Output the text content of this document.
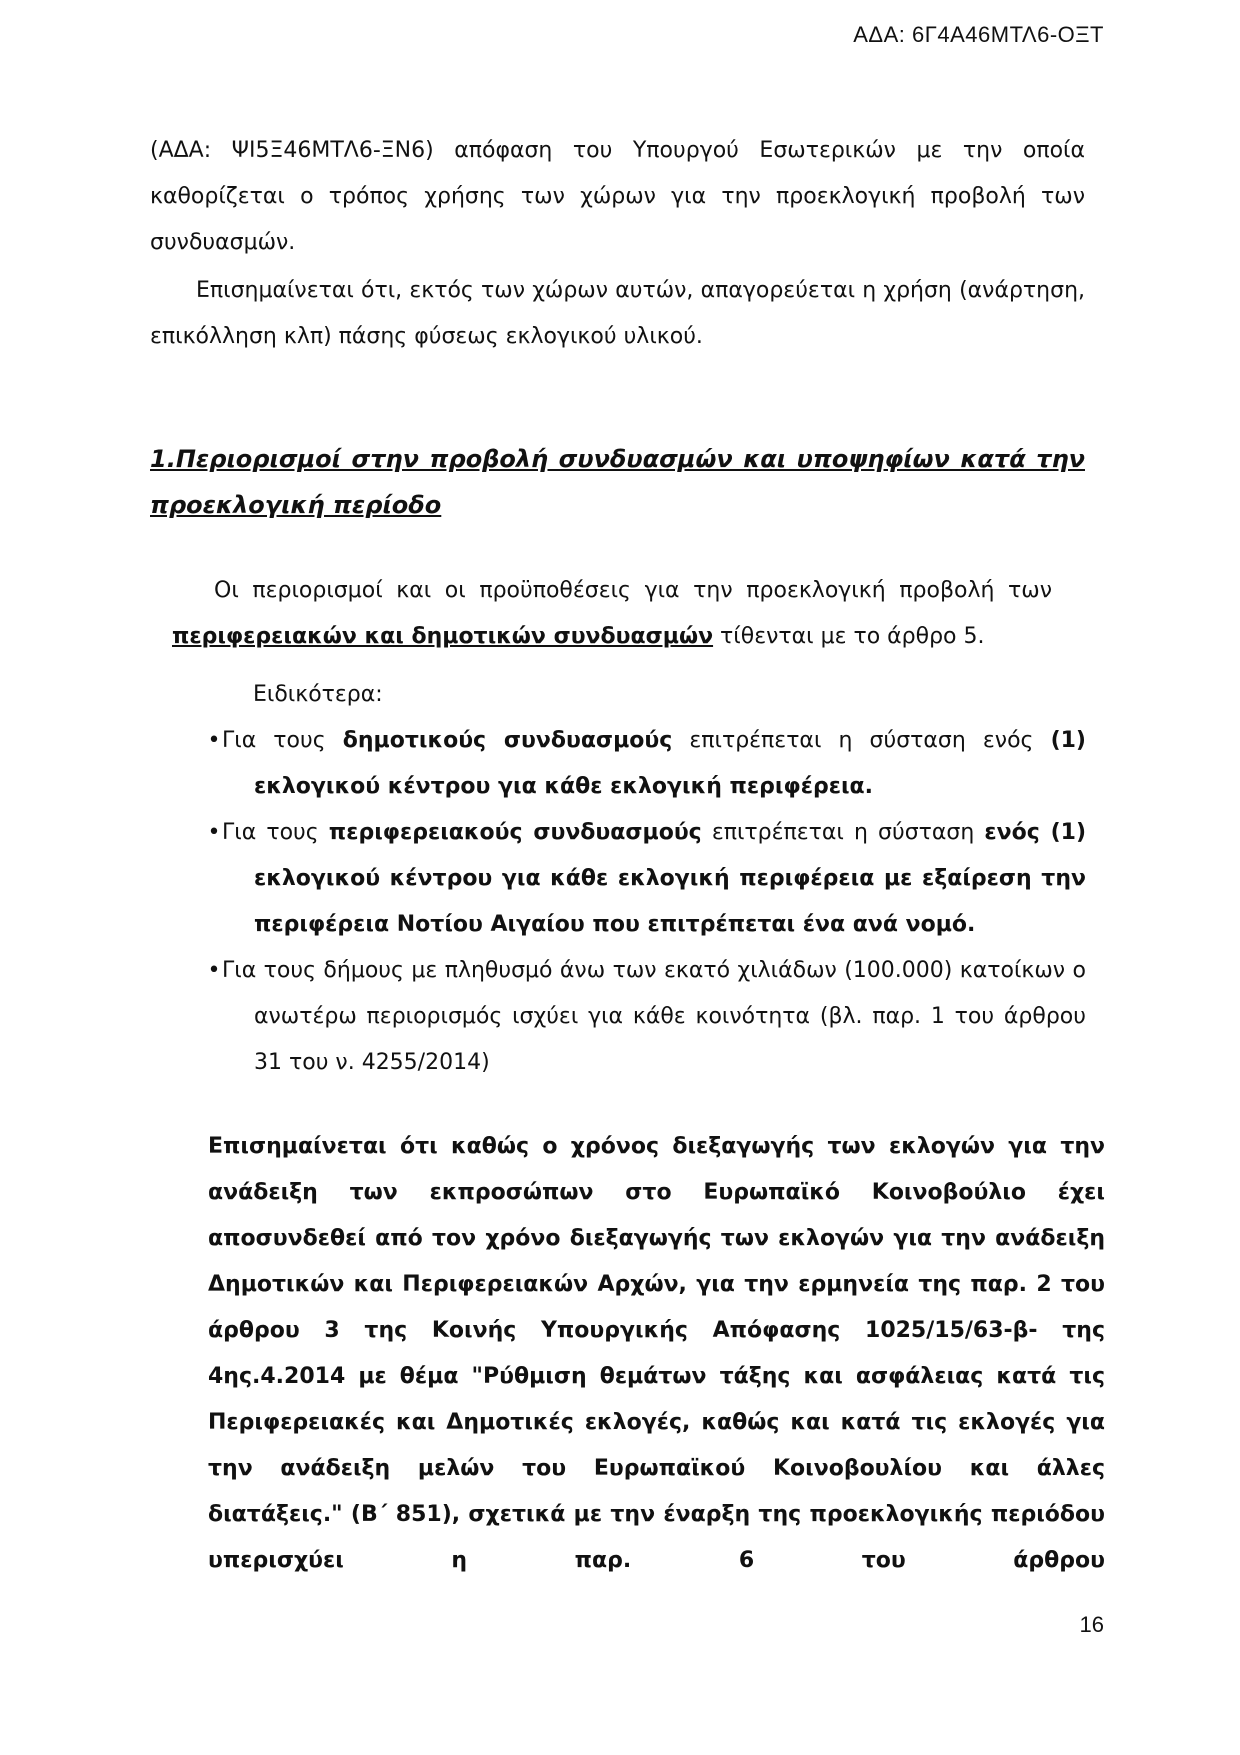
ΑΔΑ: 6Γ4Α46ΜΤΛ6-ΟΞΤ

(ΑΔΑ: ΨΙ5Ξ46ΜΤΛ6-ΞΝ6) απόφαση του Υπουργού Εσωτερικών με την οποία καθορίζεται ο τρόπος χρήσης των χώρων για την προεκλογική προβολή των συνδυασμών.

Επισημαίνεται ότι, εκτός των χώρων αυτών, απαγορεύεται η χρήση (ανάρτηση, επικόλληση κλπ) πάσης φύσεως εκλογικού υλικού.

1.Περιορισμοί στην προβολή συνδυασμών και υποψηφίων κατά την προεκλογική περίοδο
Οι περιορισμοί και οι προϋποθέσεις για την προεκλογική προβολή των
περιφερειακών και δημοτικών συνδυασμών τίθενται με το άρθρο 5.
Ειδικότερα:
• Για τους δημοτικούς συνδυασμούς επιτρέπεται η σύσταση ενός (1) εκλογικού κέντρου για κάθε εκλογική περιφέρεια.
• Για τους περιφερειακούς συνδυασμούς επιτρέπεται η σύσταση ενός (1) εκλογικού κέντρου για κάθε εκλογική περιφέρεια με εξαίρεση την περιφέρεια Νοτίου Αιγαίου που επιτρέπεται ένα ανά νομό.
• Για τους δήμους με πληθυσμό άνω των εκατό χιλιάδων (100.000) κατοίκων ο ανωτέρω περιορισμός ισχύει για κάθε κοινότητα (βλ. παρ. 1 του άρθρου 31 του ν. 4255/2014)
Επισημαίνεται ότι καθώς ο χρόνος διεξαγωγής των εκλογών για την ανάδειξη των εκπροσώπων στο Ευρωπαϊκό Κοινοβούλιο έχει αποσυνδεθεί από τον χρόνο διεξαγωγής των εκλογών για την ανάδειξη Δημοτικών και Περιφερειακών Αρχών, για την ερμηνεία της παρ. 2 του άρθρου 3 της Κοινής Υπουργικής Απόφασης 1025/15/63-β- της 4ης.4.2014 με θέμα "Ρύθμιση θεμάτων τάξης και ασφάλειας κατά τις Περιφερειακές και Δημοτικές εκλογές, καθώς και κατά τις εκλογές για την ανάδειξη μελών του Ευρωπαϊκού Κοινοβουλίου και άλλες διατάξεις." (Β΄ 851), σχετικά με την έναρξη της προεκλογικής περιόδου υπερισχύει η παρ. 6 του άρθρου
16
